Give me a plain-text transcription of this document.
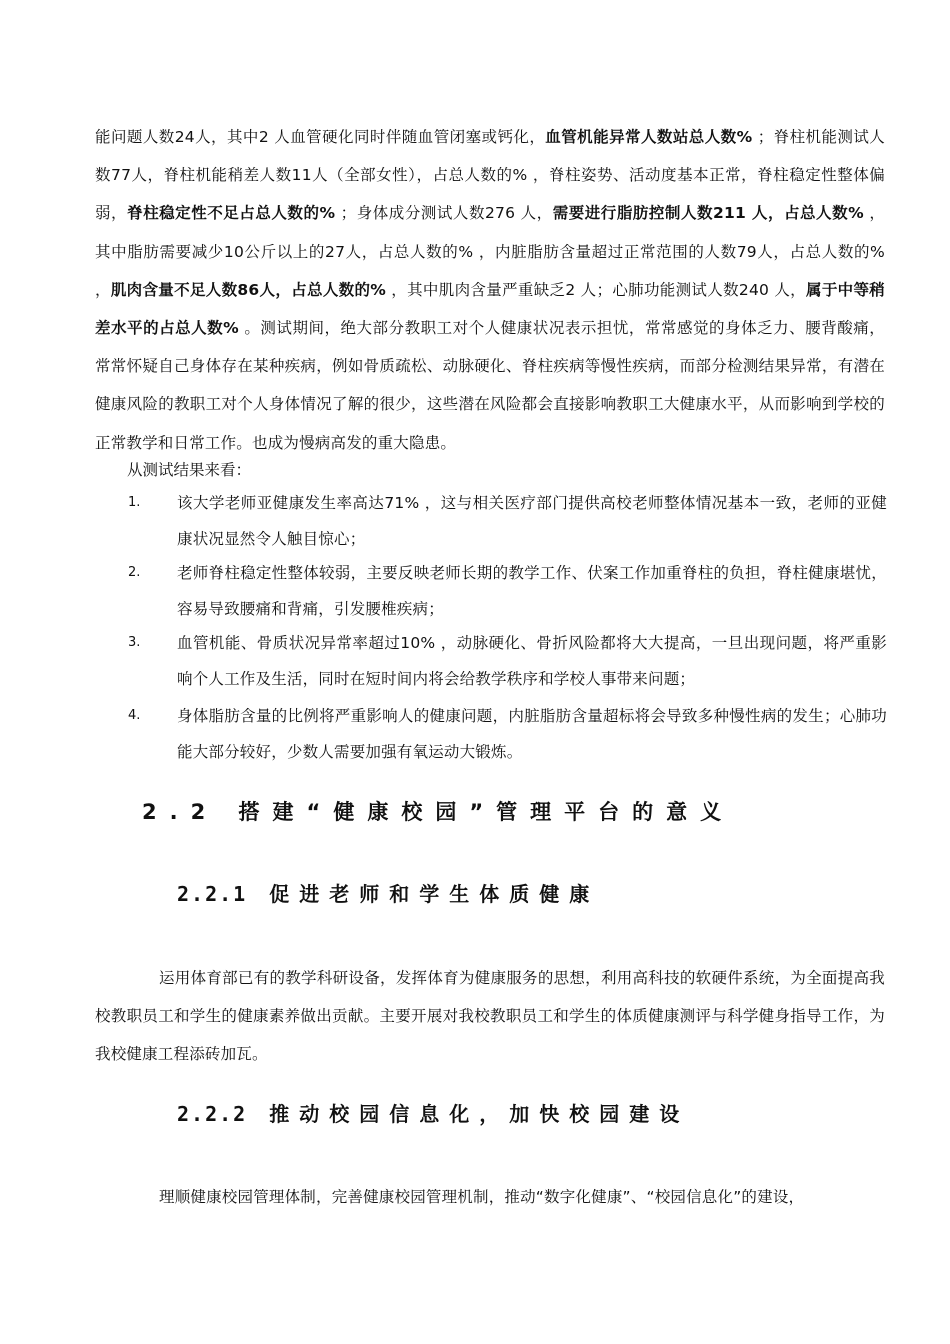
能问题人数24人，其中2 人血管硬化同时伴随血管闭塞或钙化，血管机能异常人数站总人数% ；脊柱机能测试人数77人，脊柱机能稍差人数11人（全部女性），占总人数的% ，脊柱姿势、活动度基本正常，脊柱稳定性整体偏弱，脊柱稳定性不足占总人数的% ；身体成分测试人数276 人，需要进行脂肪控制人数211 人，占总人数% ，其中脂肪需要减少10公斤以上的27人，占总人数的% ，内脏脂肪含量超过正常范围的人数79人，占总人数的% ，肌肉含量不足人数86人，占总人数的% ，其中肌肉含量严重缺乏2 人；心肺功能测试人数240 人，属于中等稍差水平的占总人数% 。测试期间，绝大部分教职工对个人健康状况表示担忧，常常感觉的身体乏力、腰背酸痛，常常怀疑自己身体存在某种疾病，例如骨质疏松、动脉硬化、脊柱疾病等慢性疾病，而部分检测结果异常，有潜在健康风险的教职工对个人身体情况了解的很少，这些潜在风险都会直接影响教职工大健康水平，从而影响到学校的正常教学和日常工作。也成为慢病高发的重大隐患。
从测试结果来看：
1. 该大学老师亚健康发生率高达71% ，这与相关医疗部门提供高校老师整体情况基本一致，老师的亚健康状况显然令人触目惊心；
2. 老师脊柱稳定性整体较弱，主要反映老师长期的教学工作、伏案工作加重脊柱的负担，脊柱健康堪忧，容易导致腰痛和背痛，引发腰椎疾病；
3. 血管机能、骨质状况异常率超过10% ，动脉硬化、骨折风险都将大大提高，一旦出现问题，将严重影响个人工作及生活，同时在短时间内将会给教学秩序和学校人事带来问题；
4. 身体脂肪含量的比例将严重影响人的健康问题，内脏脂肪含量超标将会导致多种慢性病的发生；心肺功能大部分较好，少数人需要加强有氧运动大锻炼。
2.2 搭建“健康校园”管理平台的意义
2.2.1 促进老师和学生体质健康
运用体育部已有的教学科研设备，发挥体育为健康服务的思想，利用高科技的软硬件系统，为全面提高我校教职员工和学生的健康素养做出贡献。主要开展对我校教职员工和学生的体质健康测评与科学健身指导工作，为我校健康工程添砖加瓦。
2.2.2 推动校园信息化，加快校园建设
理顺健康校园管理体制，完善健康校园管理机制，推动“数字化健康”、“校园信息化”的建设，
